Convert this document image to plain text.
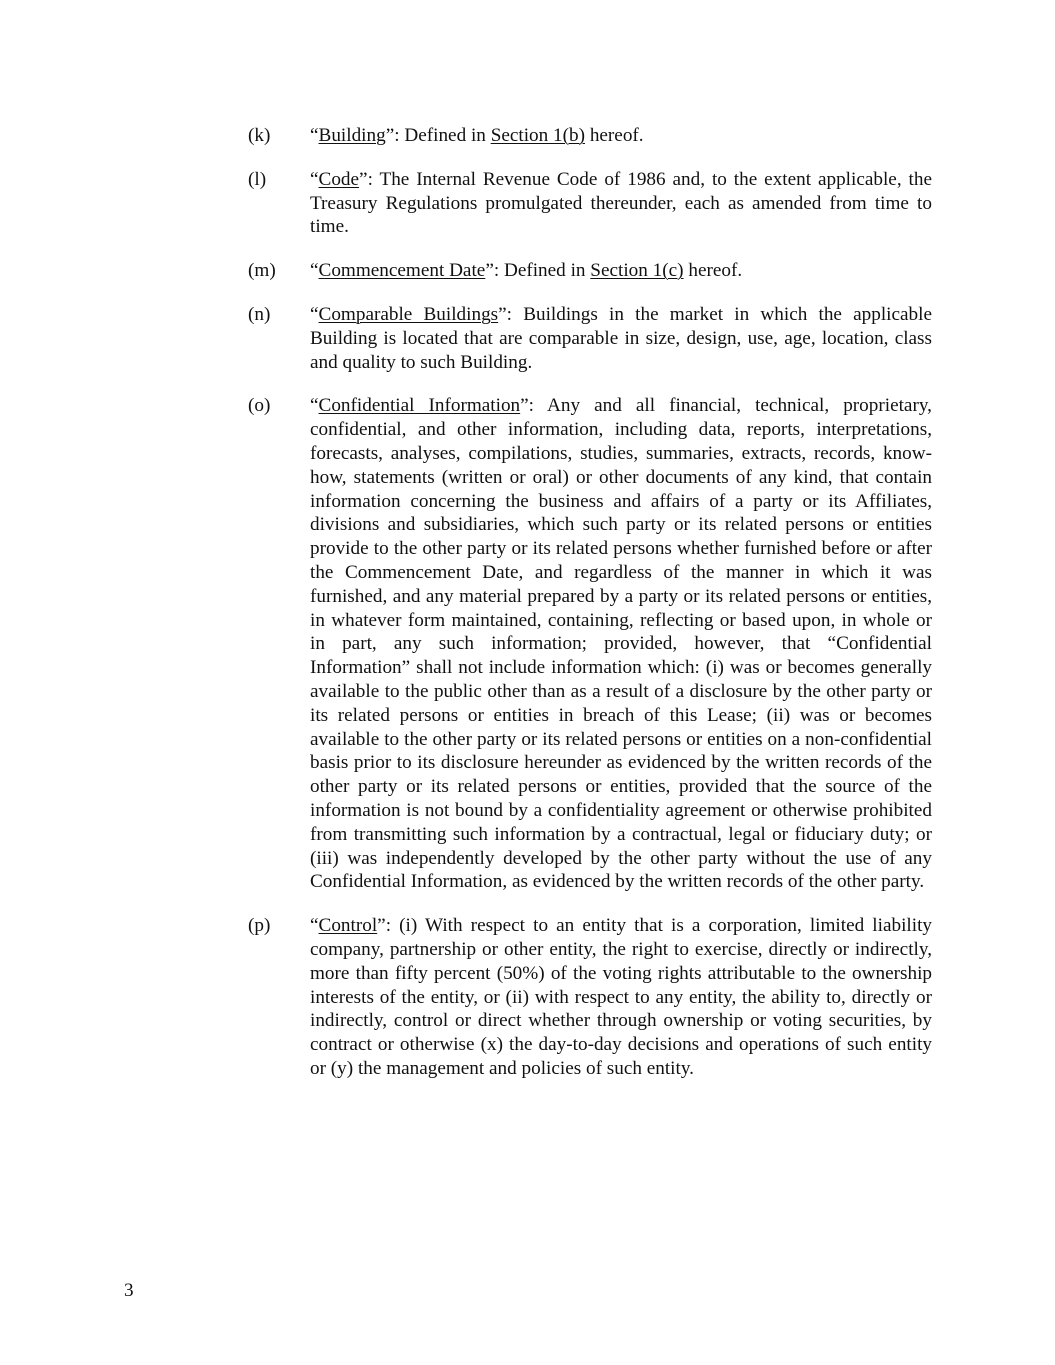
(k)	“Building”: Defined in Section 1(b) hereof.
(l)	“Code”: The Internal Revenue Code of 1986 and, to the extent applicable, the Treasury Regulations promulgated thereunder, each as amended from time to time.
(m)	“Commencement Date”: Defined in Section 1(c) hereof.
(n)	“Comparable Buildings”: Buildings in the market in which the applicable Building is located that are comparable in size, design, use, age, location, class and quality to such Building.
(o)	“Confidential Information”: Any and all financial, technical, proprietary, confidential, and other information, including data, reports, interpretations, forecasts, analyses, compilations, studies, summaries, extracts, records, know-how, statements (written or oral) or other documents of any kind, that contain information concerning the business and affairs of a party or its Affiliates, divisions and subsidiaries, which such party or its related persons or entities provide to the other party or its related persons whether furnished before or after the Commencement Date, and regardless of the manner in which it was furnished, and any material prepared by a party or its related persons or entities, in whatever form maintained, containing, reflecting or based upon, in whole or in part, any such information; provided, however, that “Confidential Information” shall not include information which: (i) was or becomes generally available to the public other than as a result of a disclosure by the other party or its related persons or entities in breach of this Lease; (ii) was or becomes available to the other party or its related persons or entities on a non-confidential basis prior to its disclosure hereunder as evidenced by the written records of the other party or its related persons or entities, provided that the source of the information is not bound by a confidentiality agreement or otherwise prohibited from transmitting such information by a contractual, legal or fiduciary duty; or (iii) was independently developed by the other party without the use of any Confidential Information, as evidenced by the written records of the other party.
(p)	“Control”: (i) With respect to an entity that is a corporation, limited liability company, partnership or other entity, the right to exercise, directly or indirectly, more than fifty percent (50%) of the voting rights attributable to the ownership interests of the entity, or (ii) with respect to any entity, the ability to, directly or indirectly, control or direct whether through ownership or voting securities, by contract or otherwise (x) the day-to-day decisions and operations of such entity or (y) the management and policies of such entity.
3
